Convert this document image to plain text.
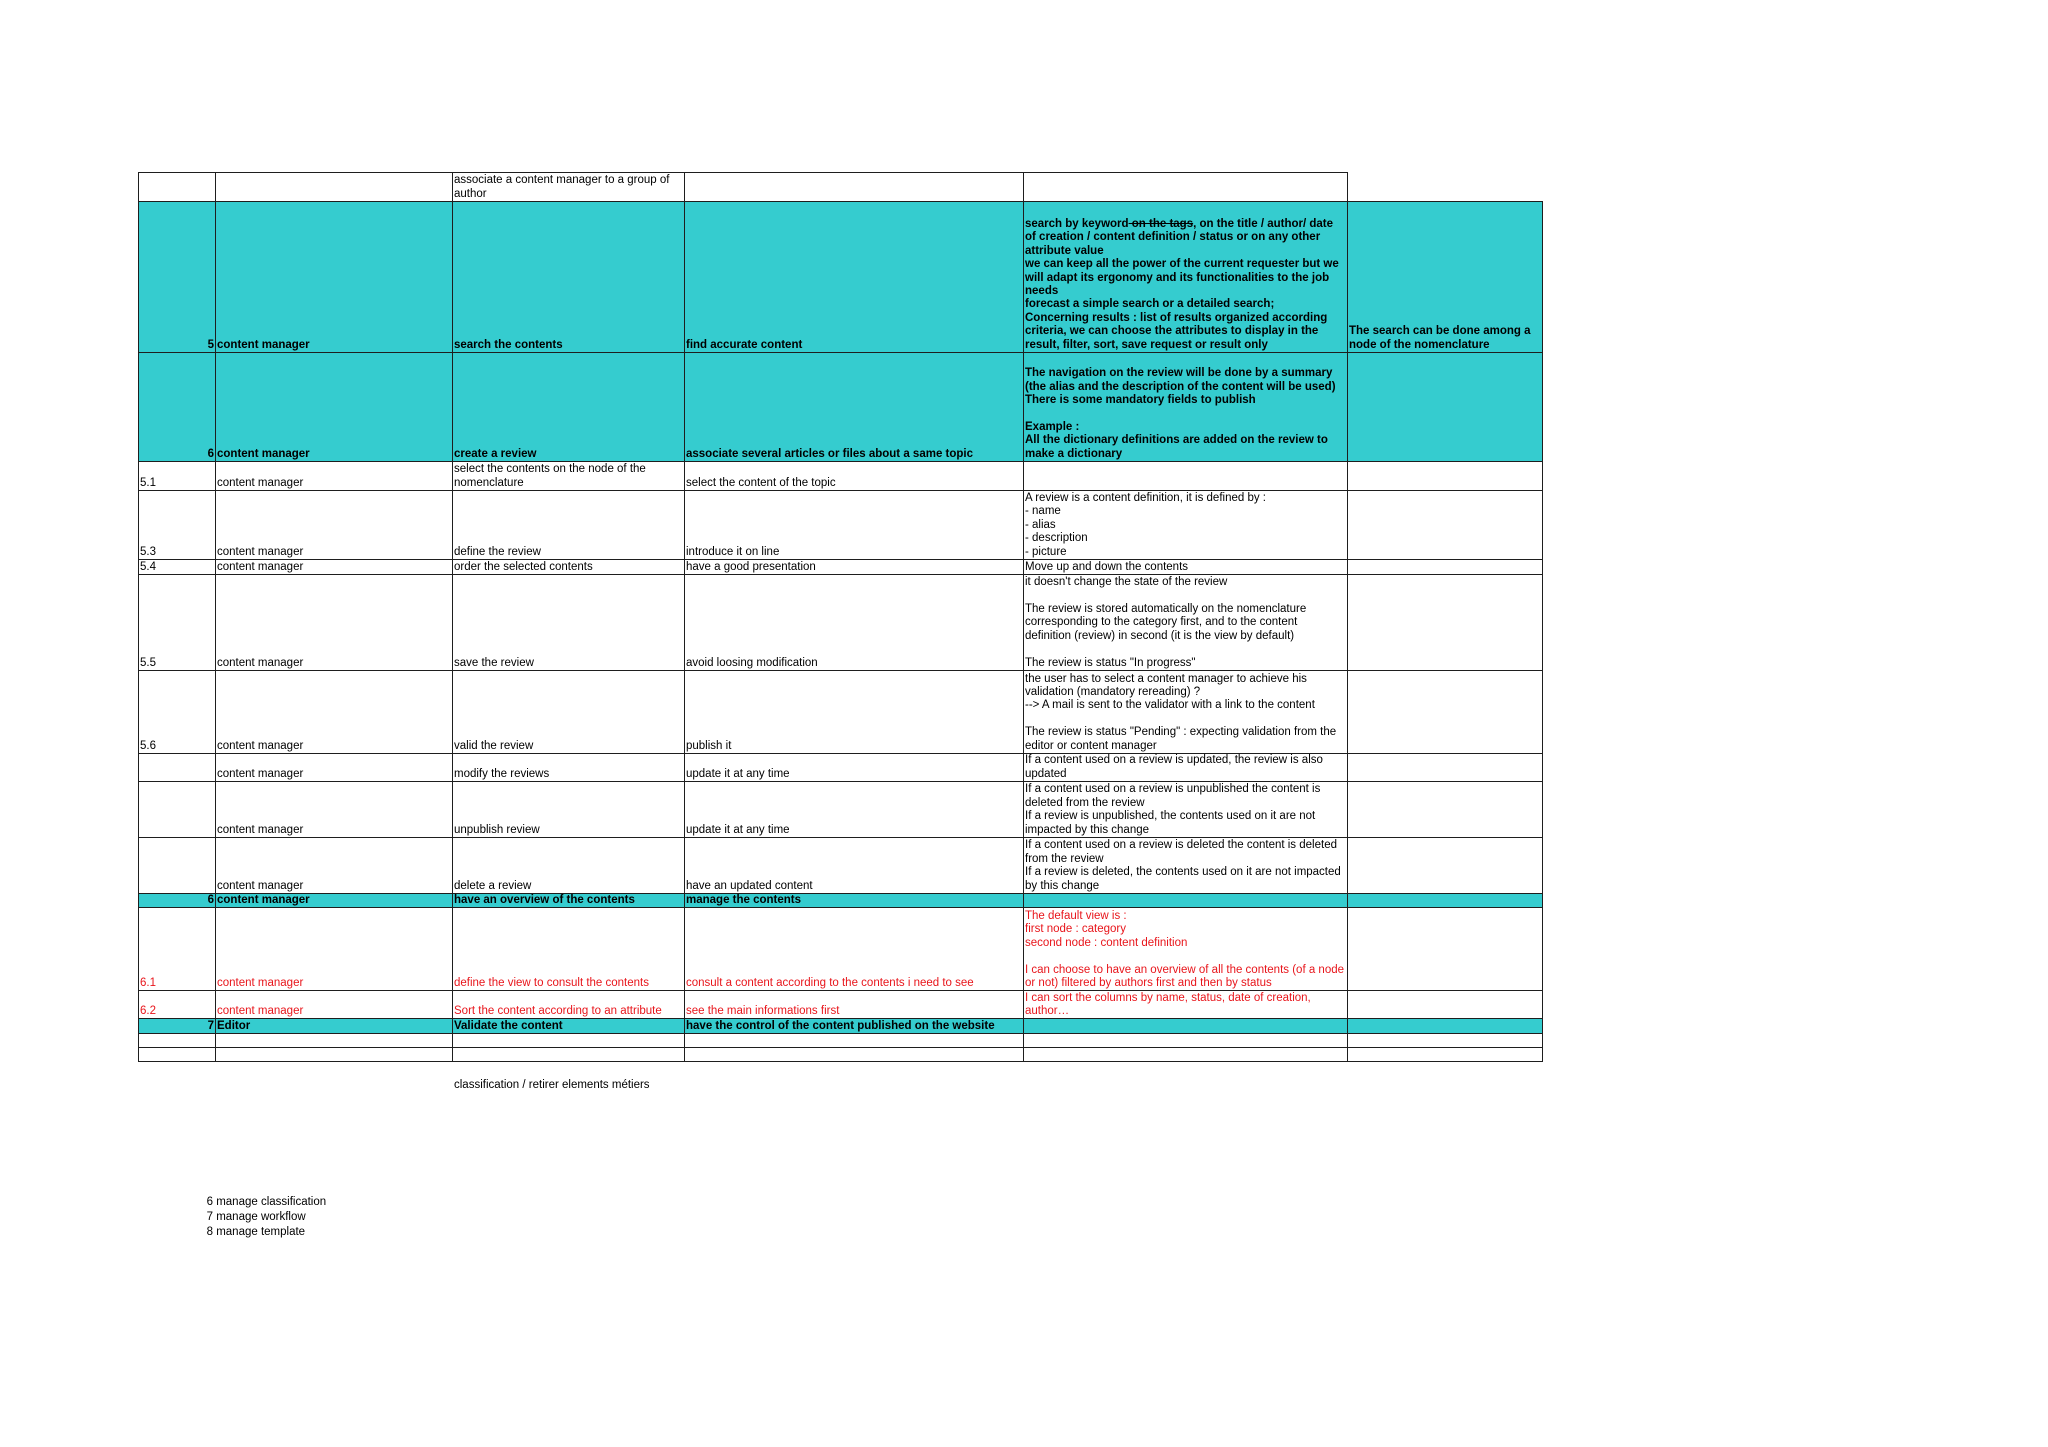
		associate a content manager to a group of author			
5	content manager	search the contents	find accurate content	search by keyword on the tags, on the title / author/ date of creation / content definition / status or on any other attribute value
we can keep all the power of the current requester but we will adapt its ergonomy and its functionalities to the job needs
forecast a simple search or a detailed search;
Concerning results : list of results organized according criteria, we can choose the attributes to display in the result, filter, sort, save request or result only	The search can be done among a node of the nomenclature
6	content manager	create a review	associate several articles or files about a same topic	The navigation on the review will be done by a summary (the alias and the description of the content will be used)
There is some mandatory fields to publish

Example :
All the dictionary definitions are added on the review to make a dictionary	
5.1	content manager	select the contents on the node of the nomenclature	select the content of the topic		
5.3	content manager	define the review	introduce it on line	A review is a content definition, it is defined by :
- name
- alias
- description
- picture	
5.4	content manager	order the selected contents	have a good presentation	Move up and down the contents	
5.5	content manager	save the review	avoid loosing modification	it doesn't change the state of the review

The review is stored automatically on the nomenclature corresponding to the category first, and to the content definition (review) in second (it is the view by default)

The review is status "In progress"	
5.6	content manager	valid the review	publish it	the user has to select a content manager to achieve his validation (mandatory rereading) ?
--> A mail is sent to the validator with a link to the content

The review is status "Pending" : expecting validation from the editor or content manager	
	content manager	modify the reviews	update it at any time	If a content used on a review is updated, the review is also updated	
	content manager	unpublish review	update it at any time	If a content used on a review is unpublished the content is deleted from the review
If a review is unpublished, the contents used on it are not impacted by this change	
	content manager	delete a review	have an updated content	If a content used on a review is deleted the content is deleted from the review
If a review is deleted, the contents used on it are not impacted by this change	
6	content manager	have an overview of the contents	manage the contents		
6.1	content manager	define the view to consult the contents	consult a content according to the contents i need to see	The default view is :
first node : category
second node : content definition

I can choose to have an overview of all the contents (of a node or not) filtered by authors first and then by status	
6.2	content manager	Sort the content according to an attribute	see the main informations first	I can sort the columns by name, status, date of creation, author…	
7	Editor	Validate the content	have the control of the content published on the website		

classification / retirer elements métiers
6 manage classification
7 manage workflow
8 manage template
